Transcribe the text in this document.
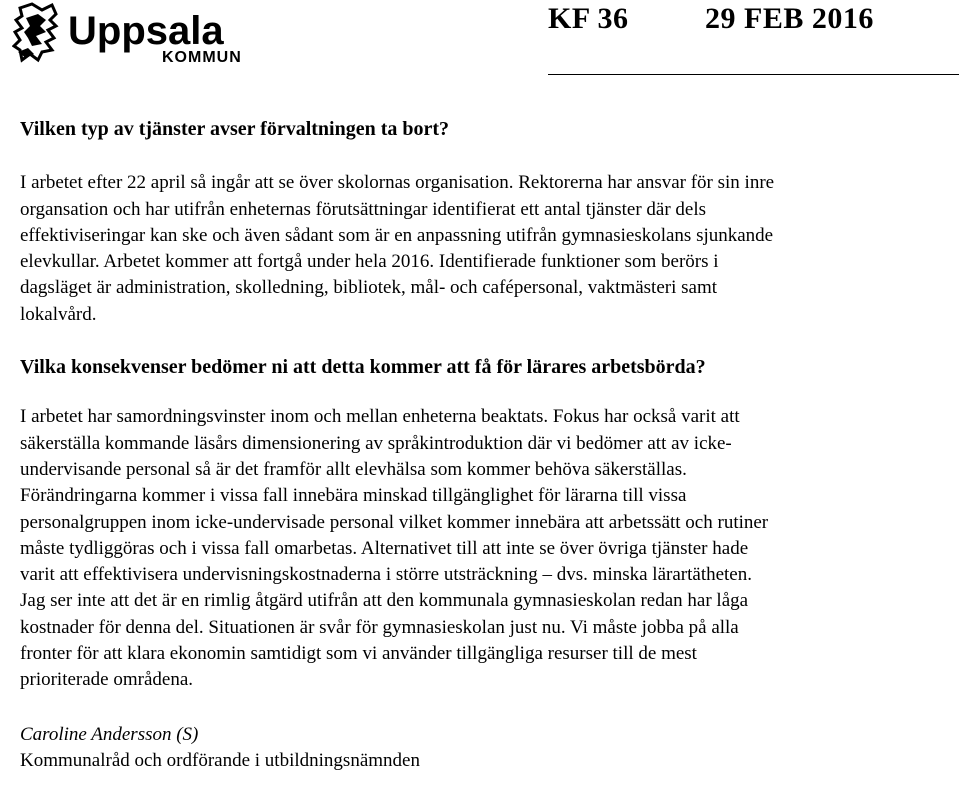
Uppsala
KOMMUN
KF 36	29 FEB 2016

Vilken typ av tjänster avser förvaltningen ta bort?

I arbetet efter 22 april så ingår att se över skolornas organisation. Rektorerna har ansvar för sin inre
organsation och har utifrån enheternas förutsättningar identifierat ett antal tjänster där dels
effektiviseringar kan ske och även sådant som är en anpassning utifrån gymnasieskolans sjunkande
elevkullar. Arbetet kommer att fortgå under hela 2016. Identifierade funktioner som berörs i
dagsläget är administration, skolledning, bibliotek, mål- och cafépersonal, vaktmästeri samt
lokalvård.

Vilka konsekvenser bedömer ni att detta kommer att få för lärares arbetsbörda?

I arbetet har samordningsvinster inom och mellan enheterna beaktats. Fokus har också varit att
säkerställa kommande läsårs dimensionering av språkintroduktion där vi bedömer att av icke-
undervisande personal så är det framför allt elevhälsa som kommer behöva säkerställas.
Förändringarna kommer i vissa fall innebära minskad tillgänglighet för lärarna till vissa
personalgruppen inom icke-undervisade personal vilket kommer innebära att arbetssätt och rutiner
måste tydliggöras och i vissa fall omarbetas. Alternativet till att inte se över övriga tjänster hade
varit att effektivisera undervisningskostnaderna i större utsträckning – dvs. minska lärartätheten.
Jag ser inte att det är en rimlig åtgärd utifrån att den kommunala gymnasieskolan redan har låga
kostnader för denna del. Situationen är svår för gymnasieskolan just nu. Vi måste jobba på alla
fronter för att klara ekonomin samtidigt som vi använder tillgängliga resurser till de mest
prioriterade områdena.

Caroline Andersson (S)

Kommunalråd och ordförande i utbildningsnämnden
